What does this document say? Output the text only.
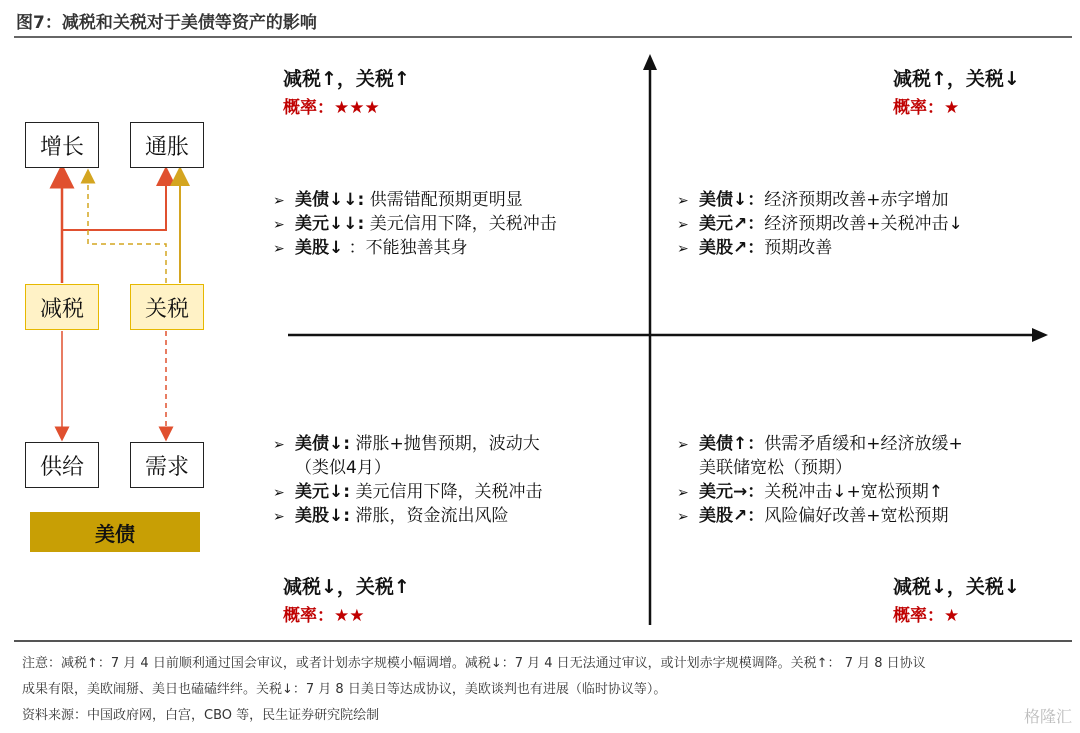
图7：减税和关税对于美债等资产的影响
增长	通胀
减税	关税
供给	需求
美债
减税↑，关税↑
概率：★★★
➢ 美债↓↓: 供需错配预期更明显
➢ 美元↓↓: 美元信用下降，关税冲击
➢ 美股↓ ：不能独善其身
减税↑，关税↓
概率：★
➢ 美债↓：经济预期改善+赤字增加
➢ 美元↗：经济预期改善+关税冲击↓
➢ 美股↗：预期改善
➢ 美债↓: 滞胀+抛售预期，波动大
（类似4月）
➢ 美元↓: 美元信用下降，关税冲击
➢ 美股↓: 滞胀，资金流出风险
减税↓，关税↑
概率：★★
➢ 美债↑：供需矛盾缓和+经济放缓+
美联储宽松（预期）
➢ 美元→：关税冲击↓+宽松预期↑
➢ 美股↗：风险偏好改善+宽松预期
减税↓，关税↓
概率：★
注意：减税↑：7 月 4 日前顺利通过国会审议，或者计划赤字规模小幅调增。减税↓：7 月 4 日无法通过审议，或计划赤字规模调降。关税↑： 7 月 8 日协议
成果有限，美欧闹掰、美日也磕磕绊绊。关税↓：7 月 8 日美日等达成协议，美欧谈判也有进展（临时协议等）。
资料来源：中国政府网，白宫，CBO 等，民生证券研究院绘制	格隆汇
